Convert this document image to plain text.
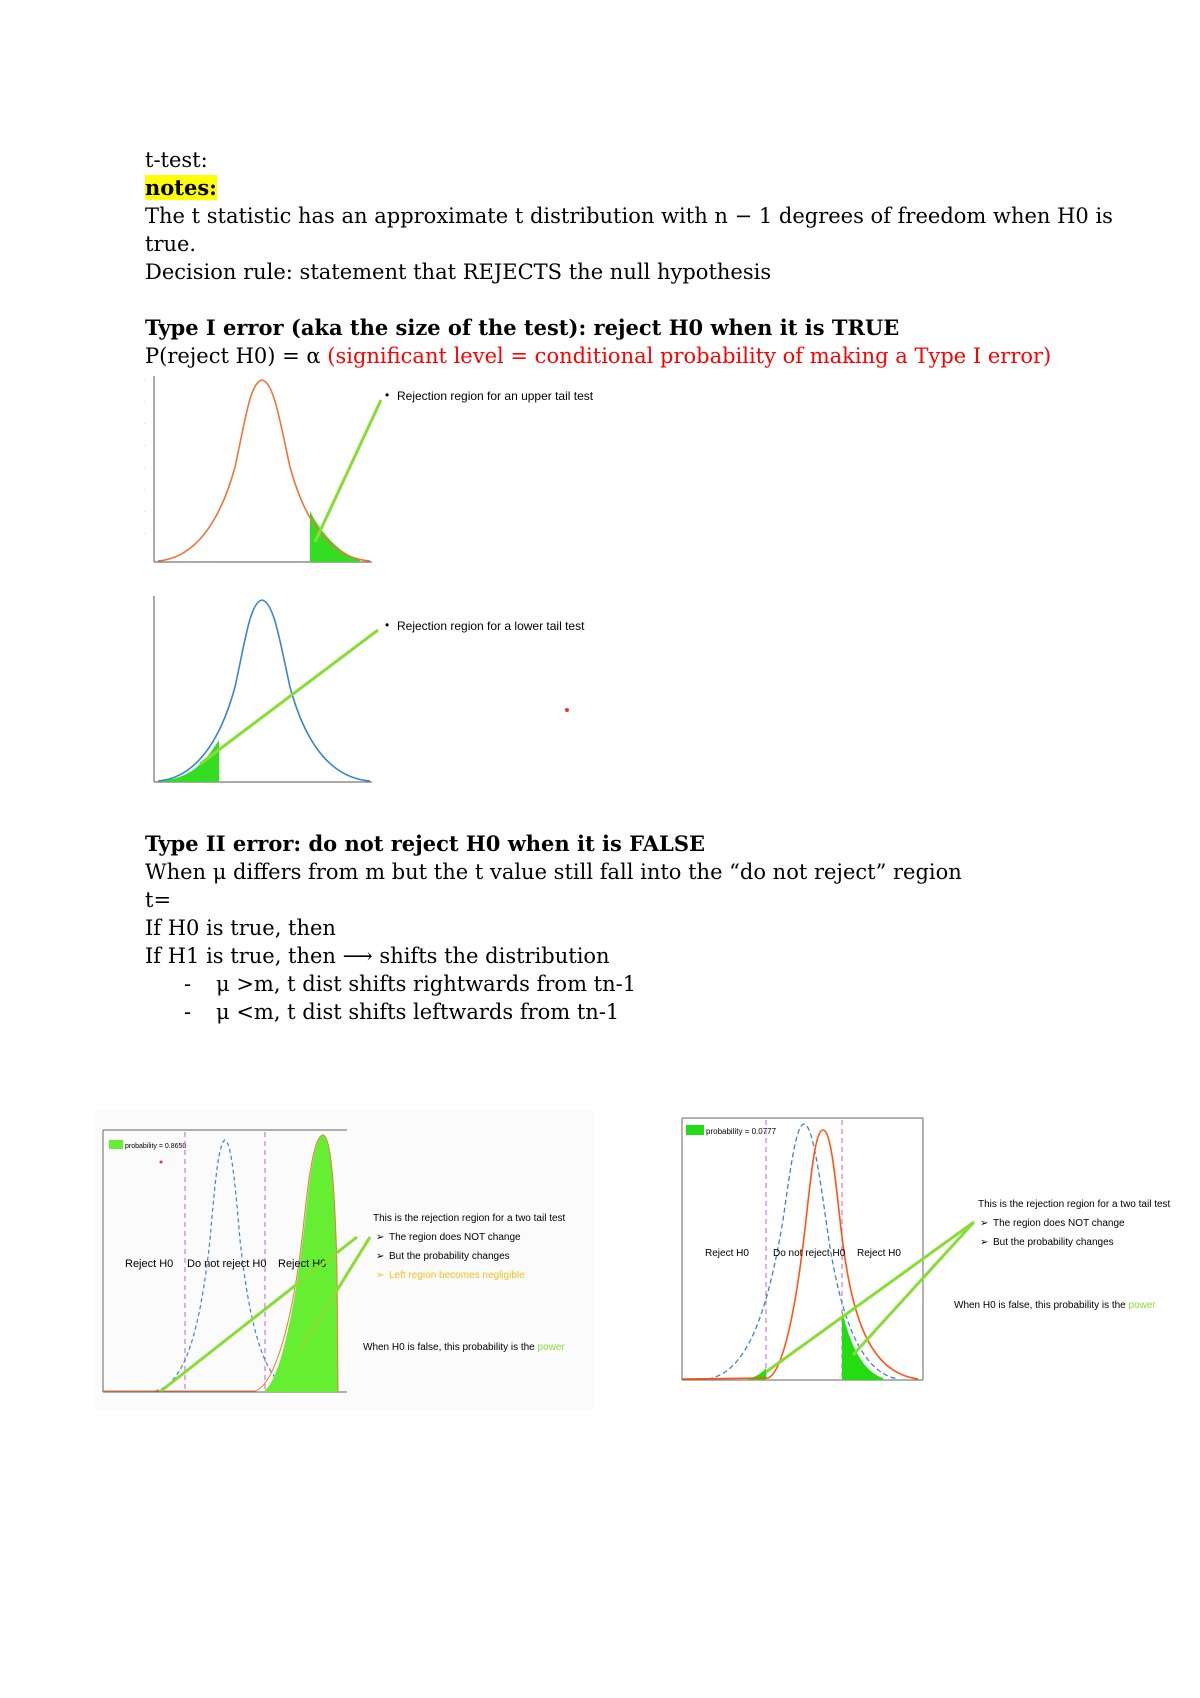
t-test:
notes:
The t statistic has an approximate t distribution with n − 1 degrees of freedom when H0 is
true.
Decision rule: statement that REJECTS the null hypothesis
Type I error (aka the size of the test): reject H0 when it is TRUE
P(reject H0) = α (significant level = conditional probability of making a Type I error)
.
.
.
.
.
.
.
.
• Rejection region for an upper tail test
• Rejection region for a lower tail test
Type II error: do not reject H0 when it is FALSE
When μ differs from m but the t value still fall into the “do not reject” region
t=
If H0 is true, then
If H1 is true, then ⟶ shifts the distribution
- μ >m, t dist shifts rightwards from tn-1
- μ <m, t dist shifts leftwards from tn-1
probability = 0.8650
Reject H0 Do not reject H0 Reject H0
This is the rejection region for a two tail test
➢ The region does NOT change
➢ But the probability changes
➢ Left region becomes negligible
When H0 is false, this probability is the power
probability = 0.0777
Reject H0 Do not reject H0 Reject H0
This is the rejection region for a two tail test
➢ The region does NOT change
➢ But the probability changes
When H0 is false, this probability is the power
